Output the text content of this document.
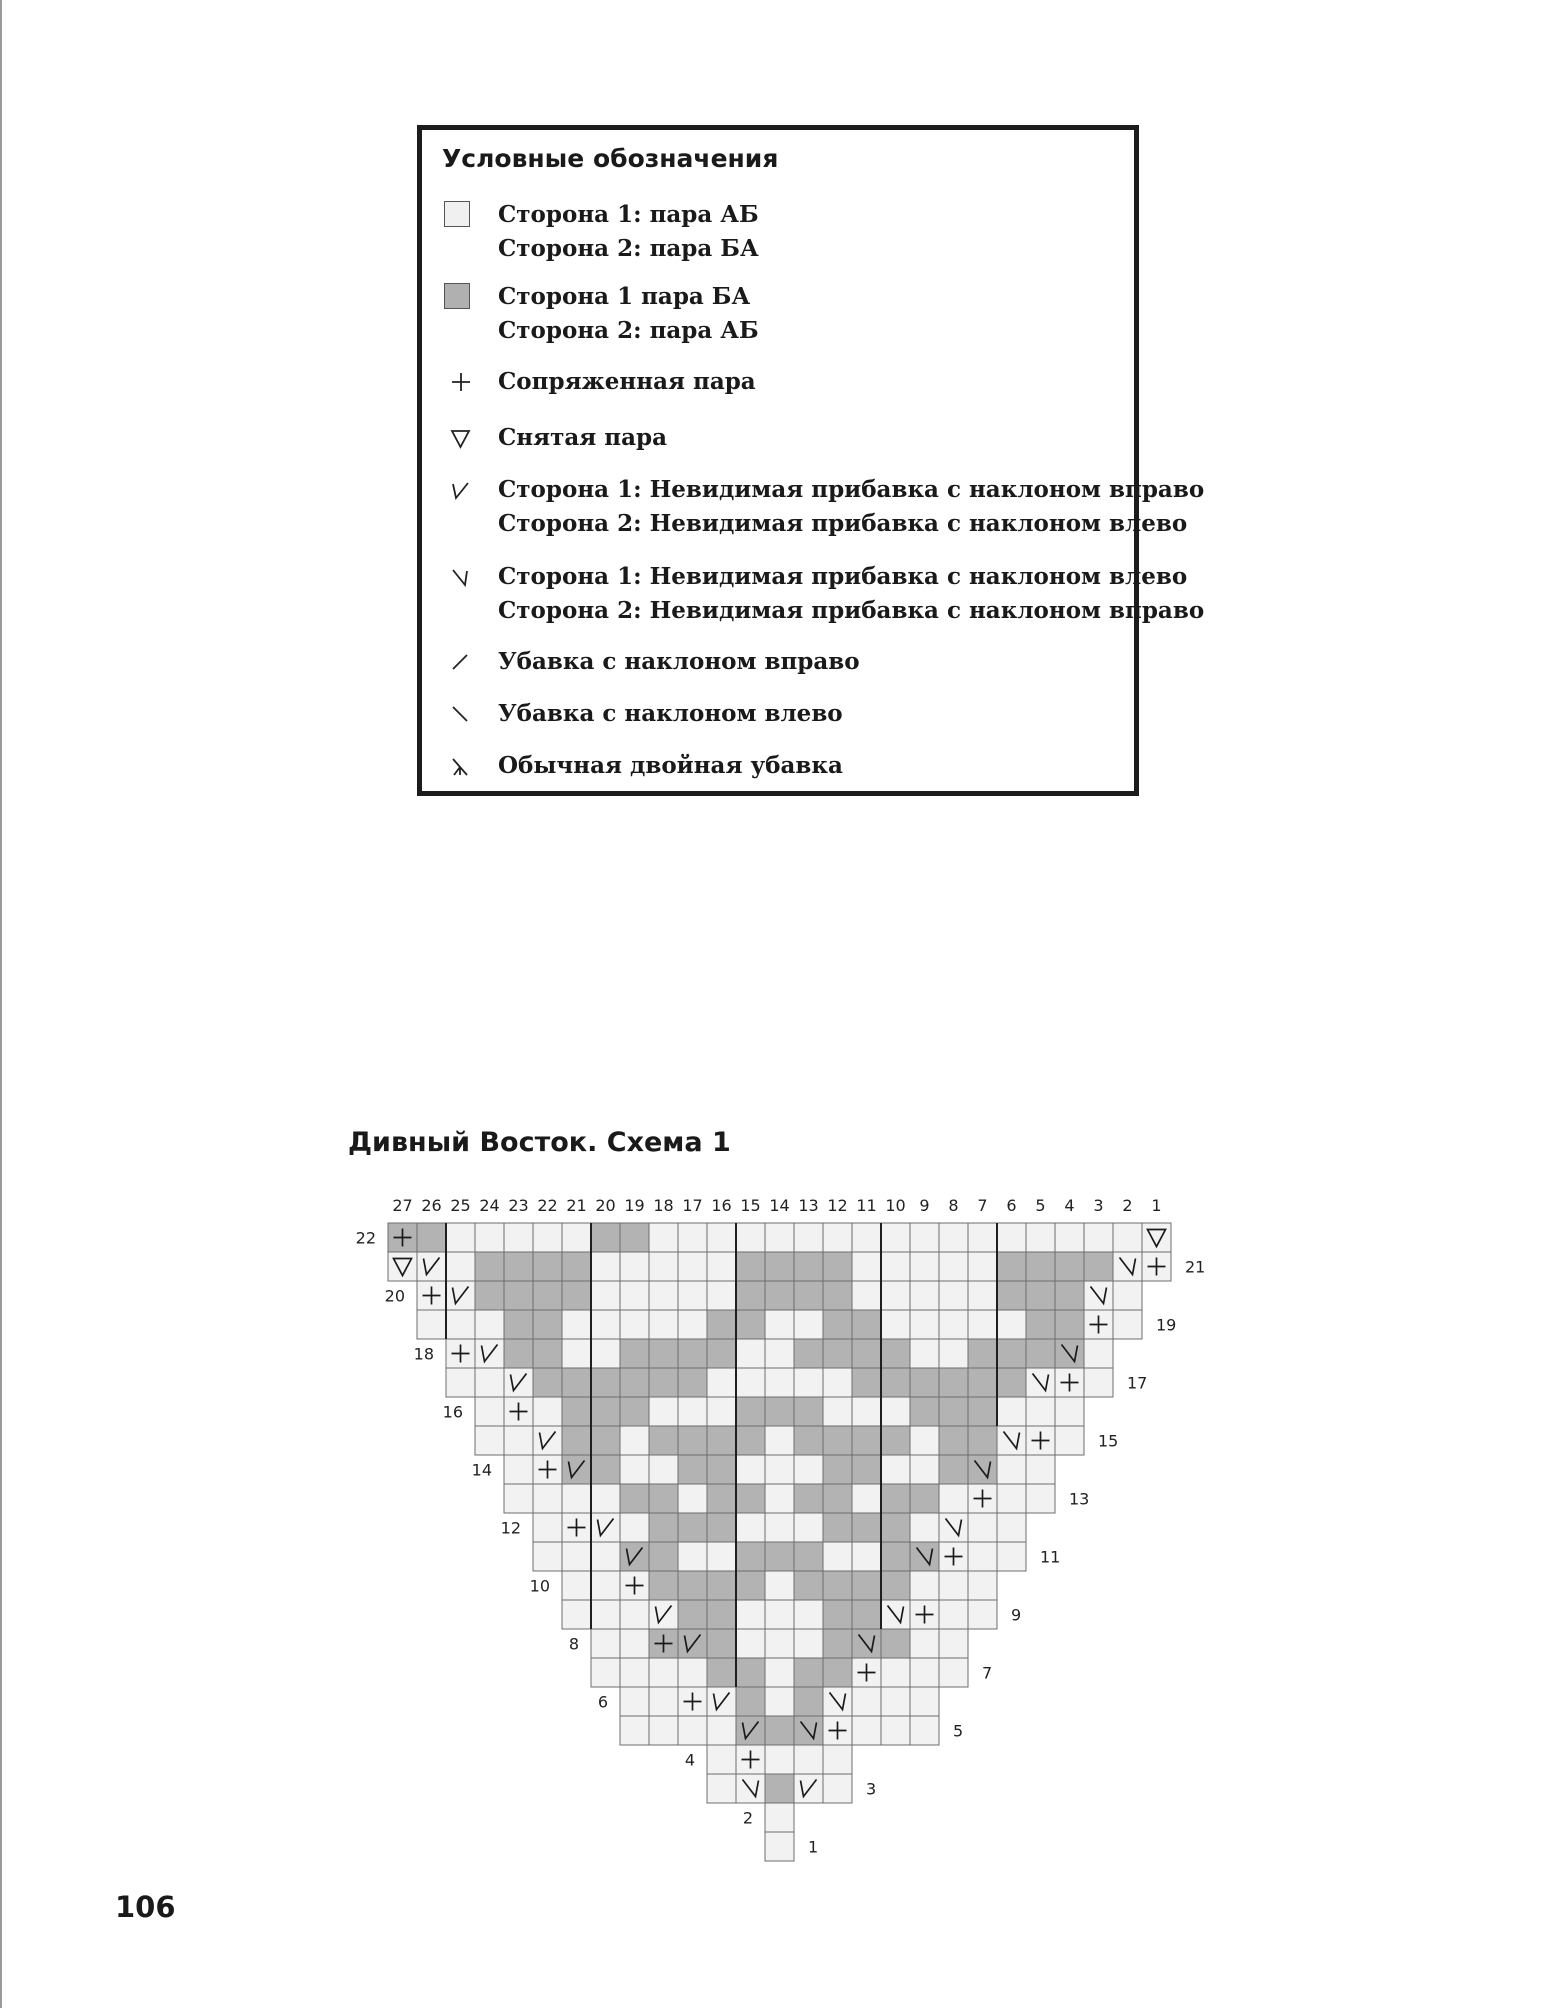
Условные обозначения
Сторона 1: пара АБ
Сторона 2: пара БА
Сторона 1 пара БА
Сторона 2: пара АБ
Сопряженная пара
Снятая пара
Сторона 1: Невидимая прибавка с наклоном вправо
Сторона 2: Невидимая прибавка с наклоном влево
Сторона 1: Невидимая прибавка с наклоном влево
Сторона 2: Невидимая прибавка с наклоном вправо
Убавка с наклоном вправо
Убавка с наклоном влево
Обычная двойная убавка
Дивный Восток. Схема 1
27 26 25 24 23 22 21 20 19 18 17 16 15 14 13 12 11 10 9 8 7 6 5 4 3 2 1
22
21
20
19
18
17
16
15
14
13
12
11
10
9
8
7
6
5
4
3
2
1
106
